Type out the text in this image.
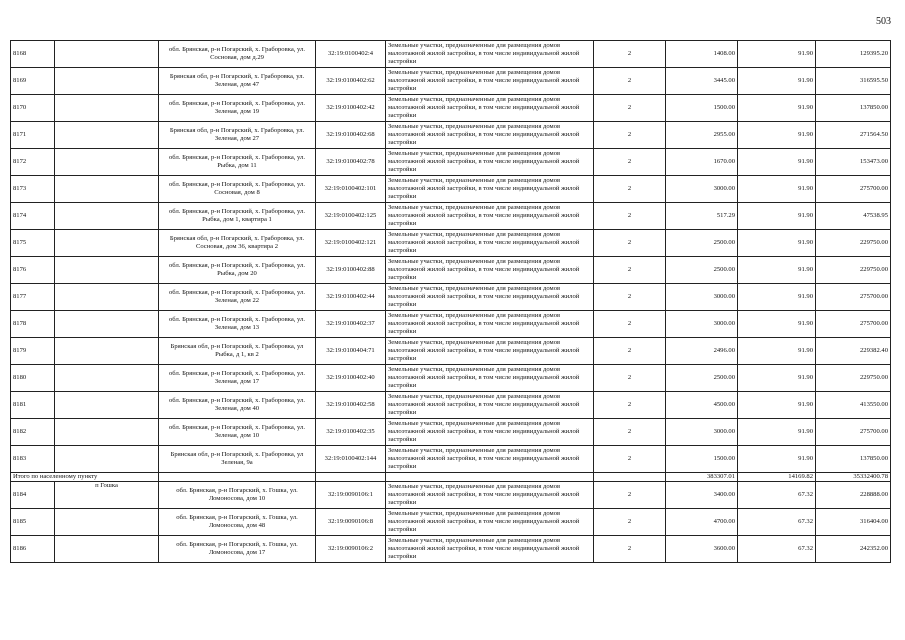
503
8168		обл. Брянская, р-н Погарский, х. Граборовка, ул. Сосновая, дом д.29	32:19:0100402:4	Земельные участки, предназначенные для размещения домов малоэтажной жилой застройки, в том числе индивидуальной жилой застройки	2	1408.00	91.90	129395.20
8169		Брянская обл, р-н Погарский, х. Граборовка, ул. Зеленая, дом 47	32:19:0100402:62	Земельные участки, предназначенные для размещения домов малоэтажной жилой застройки, в том числе индивидуальной жилой застройки	2	3445.00	91.90	316595.50
8170		обл. Брянская, р-н Погарский, х. Граборовка, ул. Зеленая, дом 19	32:19:0100402:42	Земельные участки, предназначенные для размещения домов малоэтажной жилой застройки, в том числе индивидуальной жилой застройки	2	1500.00	91.90	137850.00
8171		Брянская обл, р-н Погарский, х. Граборовка, ул. Зеленая, дом 27	32:19:0100402:68	Земельные участки, предназначенные для размещения домов малоэтажной жилой застройки, в том числе индивидуальной жилой застройки	2	2955.00	91.90	271564.50
8172		обл. Брянская, р-н Погарский, х. Граборовка, ул. Рыбка, дом 11	32:19:0100402:78	Земельные участки, предназначенные для размещения домов малоэтажной жилой застройки, в том числе индивидуальной жилой застройки	2	1670.00	91.90	153473.00
8173		обл. Брянская, р-н Погарский, х. Граборовка, ул. Сосновая, дом 8	32:19:0100402:101	Земельные участки, предназначенные для размещения домов малоэтажной жилой застройки, в том числе индивидуальной жилой застройки	2	3000.00	91.90	275700.00
8174		обл. Брянская, р-н Погарский, х. Граборовка, ул. Рыбка, дом 1, квартира 1	32:19:0100402:125	Земельные участки, предназначенные для размещения домов малоэтажной жилой застройки, в том числе индивидуальной жилой застройки	2	517.29	91.90	47538.95
8175		Брянская обл, р-н Погарский, х. Граборовка, ул. Сосновая, дом 36, квартира 2	32:19:0100402:121	Земельные участки, предназначенные для размещения домов малоэтажной жилой застройки, в том числе индивидуальной жилой застройки	2	2500.00	91.90	229750.00
8176		обл. Брянская, р-н Погарский, х. Граборовка, ул. Рыбка, дом 20	32:19:0100402:88	Земельные участки, предназначенные для размещения домов малоэтажной жилой застройки, в том числе индивидуальной жилой застройки	2	2500.00	91.90	229750.00
8177		обл. Брянская, р-н Погарский, х. Граборовка, ул. Зеленая, дом 22	32:19:0100402:44	Земельные участки, предназначенные для размещения домов малоэтажной жилой застройки, в том числе индивидуальной жилой застройки	2	3000.00	91.90	275700.00
8178		обл. Брянская, р-н Погарский, х. Граборовка, ул. Зеленая, дом 13	32:19:0100402:37	Земельные участки, предназначенные для размещения домов малоэтажной жилой застройки, в том числе индивидуальной жилой застройки	2	3000.00	91.90	275700.00
8179		Брянская обл, р-н Погарский, х. Граборовка, ул Рыбка, д 1, кв 2	32:19:0100404:71	Земельные участки, предназначенные для размещения домов малоэтажной жилой застройки, в том числе индивидуальной жилой застройки	2	2496.00	91.90	229382.40
8180		обл. Брянская, р-н Погарский, х. Граборовка, ул. Зеленая, дом 17	32:19:0100402:40	Земельные участки, предназначенные для размещения домов малоэтажной жилой застройки, в том числе индивидуальной жилой застройки	2	2500.00	91.90	229750.00
8181		обл. Брянская, р-н Погарский, х. Граборовка, ул. Зеленая, дом 40	32:19:0100402:58	Земельные участки, предназначенные для размещения домов малоэтажной жилой застройки, в том числе индивидуальной жилой застройки	2	4500.00	91.90	413550.00
8182		обл. Брянская, р-н Погарский, х. Граборовка, ул. Зеленая, дом 10	32:19:0100402:35	Земельные участки, предназначенные для размещения домов малоэтажной жилой застройки, в том числе индивидуальной жилой застройки	2	3000.00	91.90	275700.00
8183		Брянская обл, р-н Погарский, х. Граборовка, ул Зеленая, 9а	32:19:0100402:144	Земельные участки, предназначенные для размещения домов малоэтажной жилой застройки, в том числе индивидуальной жилой застройки	2	1500.00	91.90	137850.00
Итого по населенному пункту						383307.01	14169.82	35332400.78
8184	п Гошка	обл. Брянская, р-н Погарский, х. Гошка, ул. Ломоносова, дом 10	32:19:0090106:1	Земельные участки, предназначенные для размещения домов малоэтажной жилой застройки, в том числе индивидуальной жилой застройки	2	3400.00	67.32	228888.00
8185		обл. Брянская, р-н Погарский, х. Гошка, ул. Ломоносова, дом 48	32:19:0090106:8	Земельные участки, предназначенные для размещения домов малоэтажной жилой застройки, в том числе индивидуальной жилой застройки	2	4700.00	67.32	316404.00
8186		обл. Брянская, р-н Погарский, х. Гошка, ул. Ломоносова, дом 17	32:19:0090106:2	Земельные участки, предназначенные для размещения домов малоэтажной жилой застройки, в том числе индивидуальной жилой застройки	2	3600.00	67.32	242352.00
